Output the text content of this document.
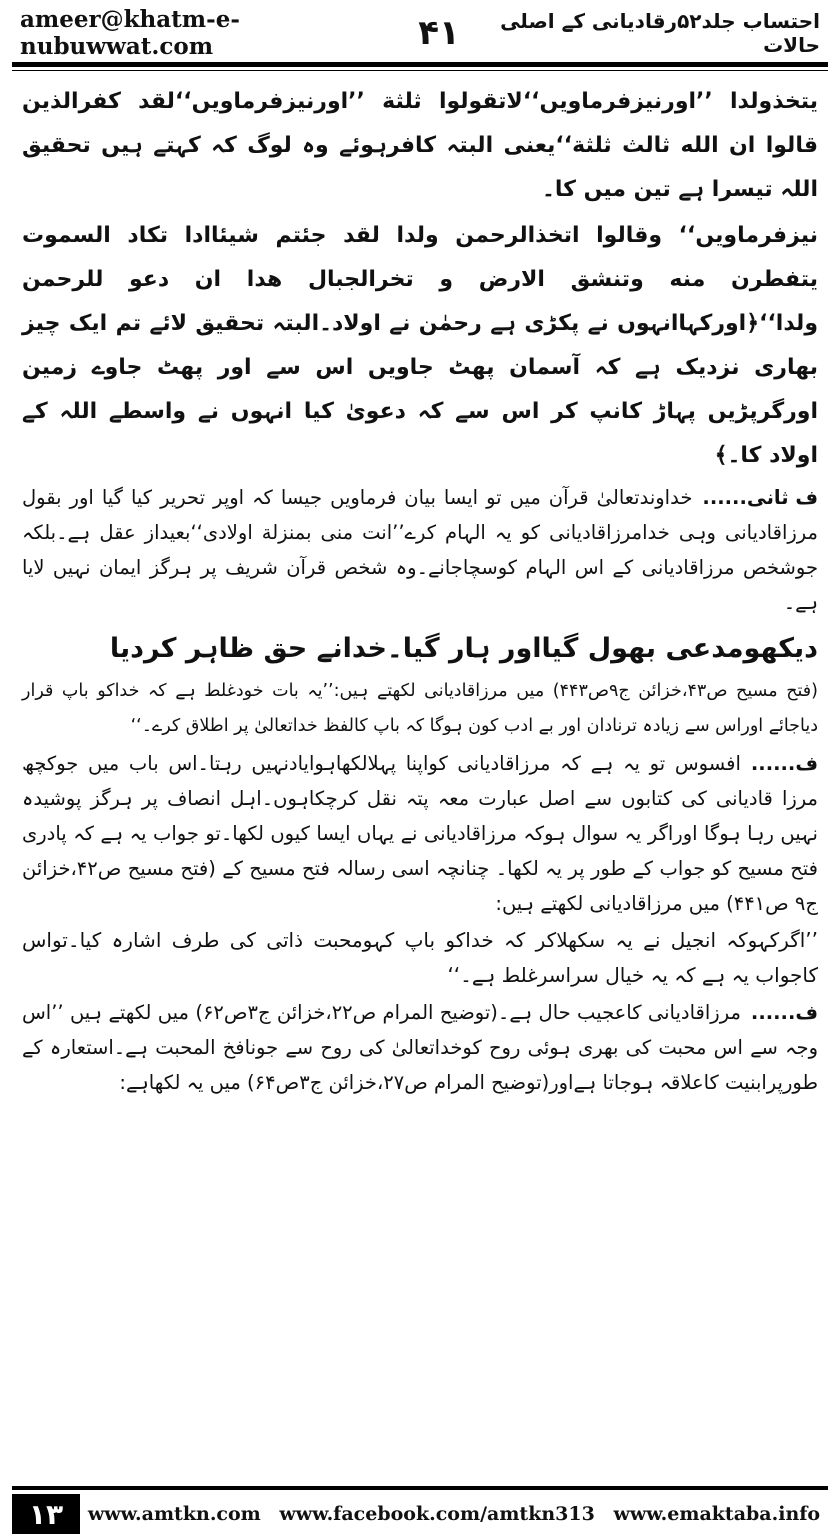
ameer@khatm-e-nubuwwat.com	۴۱	احتساب جلد۵۲رقادیانی کے اصلی حالات

یتخذولدا ’’اورنیزفرماویں‘‘لاتقولوا ثلثة ’’اورنیزفرماویں‘‘لقد کفرالذین قالوا ان الله ثالث ثلثة‘‘یعنی البتہ کافرہوئے وہ لوگ کہ کہتے ہیں تحقیق اللہ تیسرا ہے تین میں کا۔

نیزفرماویں‘‘ وقالوا اتخذالرحمن ولدا لقد جئتم شیئاادا تکاد السموت یتفطرن منه وتنشق الارض و تخرالجبال هدا ان دعو للرحمن ولدا‘‘﴿اورکہاانہوں نے پکڑی ہے رحمٰن نے اولاد۔البتہ تحقیق لائے تم ایک چیز بھاری نزدیک ہے کہ آسمان پھٹ جاویں اس سے اور پھٹ جاوے زمین اورگرپڑیں پہاڑ کانپ کر اس سے کہ دعویٰ کیا انہوں نے واسطے اللہ کے اولاد کا۔﴾

ف ثانی......خداوندتعالیٰ قرآن میں تو ایسا بیان فرماویں جیسا کہ اوپر تحریر کیا گیا اور بقول مرزاقادیانی وہی خدامرزاقادیانی کو یہ الہام کرے’’انت منی بمنزلة اولادی‘‘بعیداز عقل ہے۔بلکہ جوشخص مرزاقادیانی کے اس الہام کوسچاجانے۔وہ شخص قرآن شریف پر ہرگز ایمان نہیں لایا ہے۔

دیکھومدعی بھول گیااور ہار گیا۔خدانے حق ظاہر کردیا

(فتح مسیح ص۴۳،خزائن ج۹ص۴۴۳) میں مرزاقادیانی لکھتے ہیں:’’یہ بات خودغلط ہے کہ خداکو باپ قرار دیاجائے اوراس سے زیادہ ترنادان اور بے ادب کون ہوگا کہ باپ کالفظ خداتعالیٰ پر اطلاق کرے۔‘‘

ف......افسوس تو یہ ہے کہ مرزاقادیانی کواپنا پہلالکھاہوایادنہیں رہتا۔اس باب میں جوکچھ مرزا قادیانی کی کتابوں سے اصل عبارت معہ پتہ نقل کرچکاہوں۔اہل انصاف پر ہرگز پوشیدہ نہیں رہا ہوگا اوراگر یہ سوال ہوکہ مرزاقادیانی نے یہاں ایسا کیوں لکھا۔تو جواب یہ ہے کہ پادری فتح مسیح کو جواب کے طور پر یہ لکھا۔ چنانچہ اسی رسالہ فتح مسیح کے (فتح مسیح ص۴۲،خزائن ج۹ ص۴۴۱) میں مرزاقادیانی لکھتے ہیں:

’’اگرکہوکہ انجیل نے یہ سکھلاکر کہ خداکو باپ کہومحبت ذاتی کی طرف اشارہ کیا۔تواس کاجواب یہ ہے کہ یہ خیال سراسرغلط ہے۔‘‘

ف......مرزاقادیانی کاعجیب حال ہے۔(توضیح المرام ص۲۲،خزائن ج۳ص۶۲) میں لکھتے ہیں ’’اس وجہ سے اس محبت کی بھری ہوئی روح کوخداتعالیٰ کی روح سے جونافخ المحبت ہے۔استعارہ کے طورپرابنیت کاعلاقہ ہوجاتا ہےاور(توضیح المرام ص۲۷،خزائن ج۳ص۶۴) میں یہ لکھاہے:

۱۳	www.amtkn.com www.facebook.com/amtkn313 www.emaktaba.info
